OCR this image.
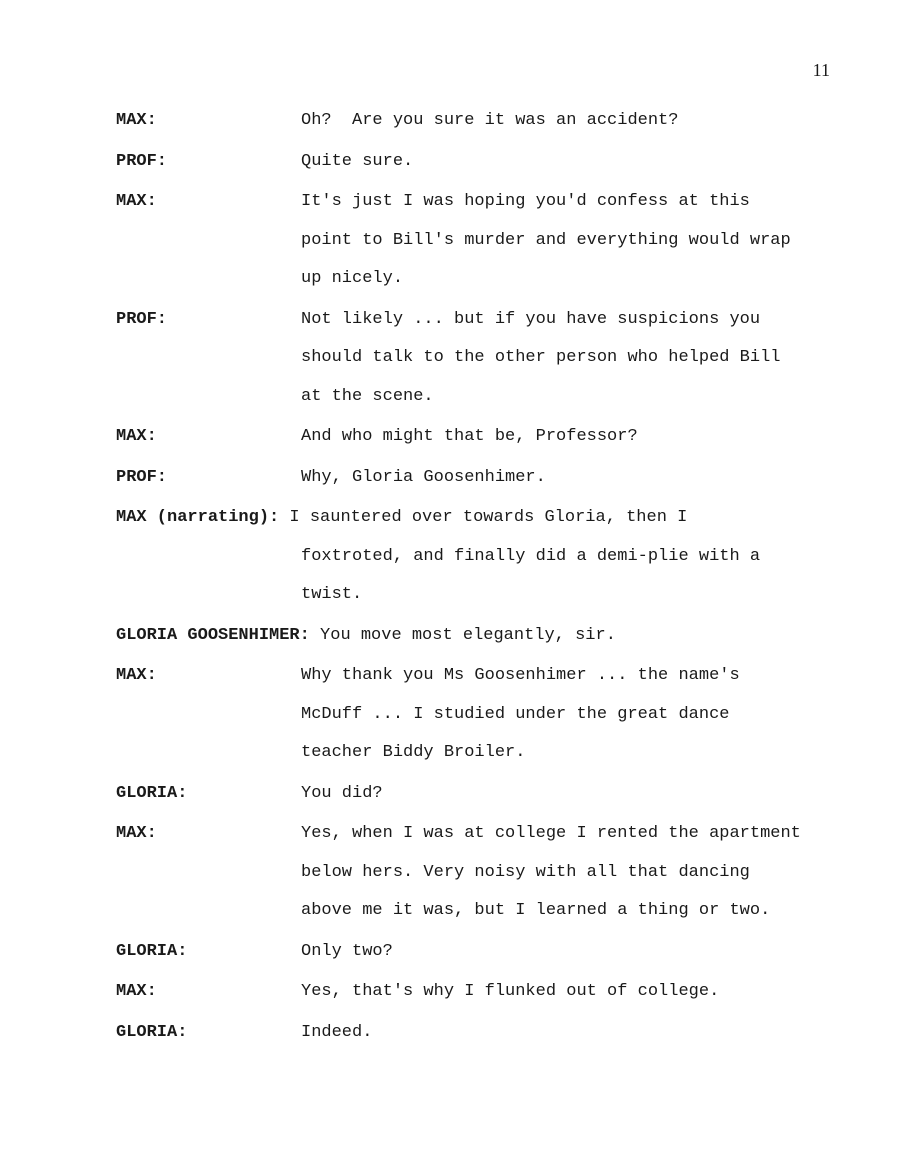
11
MAX:	Oh?  Are you sure it was an accident?
PROF:	Quite sure.
MAX:	It's just I was hoping you'd confess at this
point to Bill's murder and everything would wrap
up nicely.
PROF:	Not likely ... but if you have suspicions you
should talk to the other person who helped Bill
at the scene.
MAX:	And who might that be, Professor?
PROF:	Why, Gloria Goosenhimer.
MAX (narrating): I sauntered over towards Gloria, then I
foxtroted, and finally did a demi-plie with a
twist.
GLORIA GOOSENHIMER: You move most elegantly, sir.
MAX:	Why thank you Ms Goosenhimer ... the name's
McDuff ... I studied under the great dance
teacher Biddy Broiler.
GLORIA:	You did?
MAX:	Yes, when I was at college I rented the apartment
below hers. Very noisy with all that dancing
above me it was, but I learned a thing or two.
GLORIA:	Only two?
MAX:	Yes, that's why I flunked out of college.
GLORIA:	Indeed.
